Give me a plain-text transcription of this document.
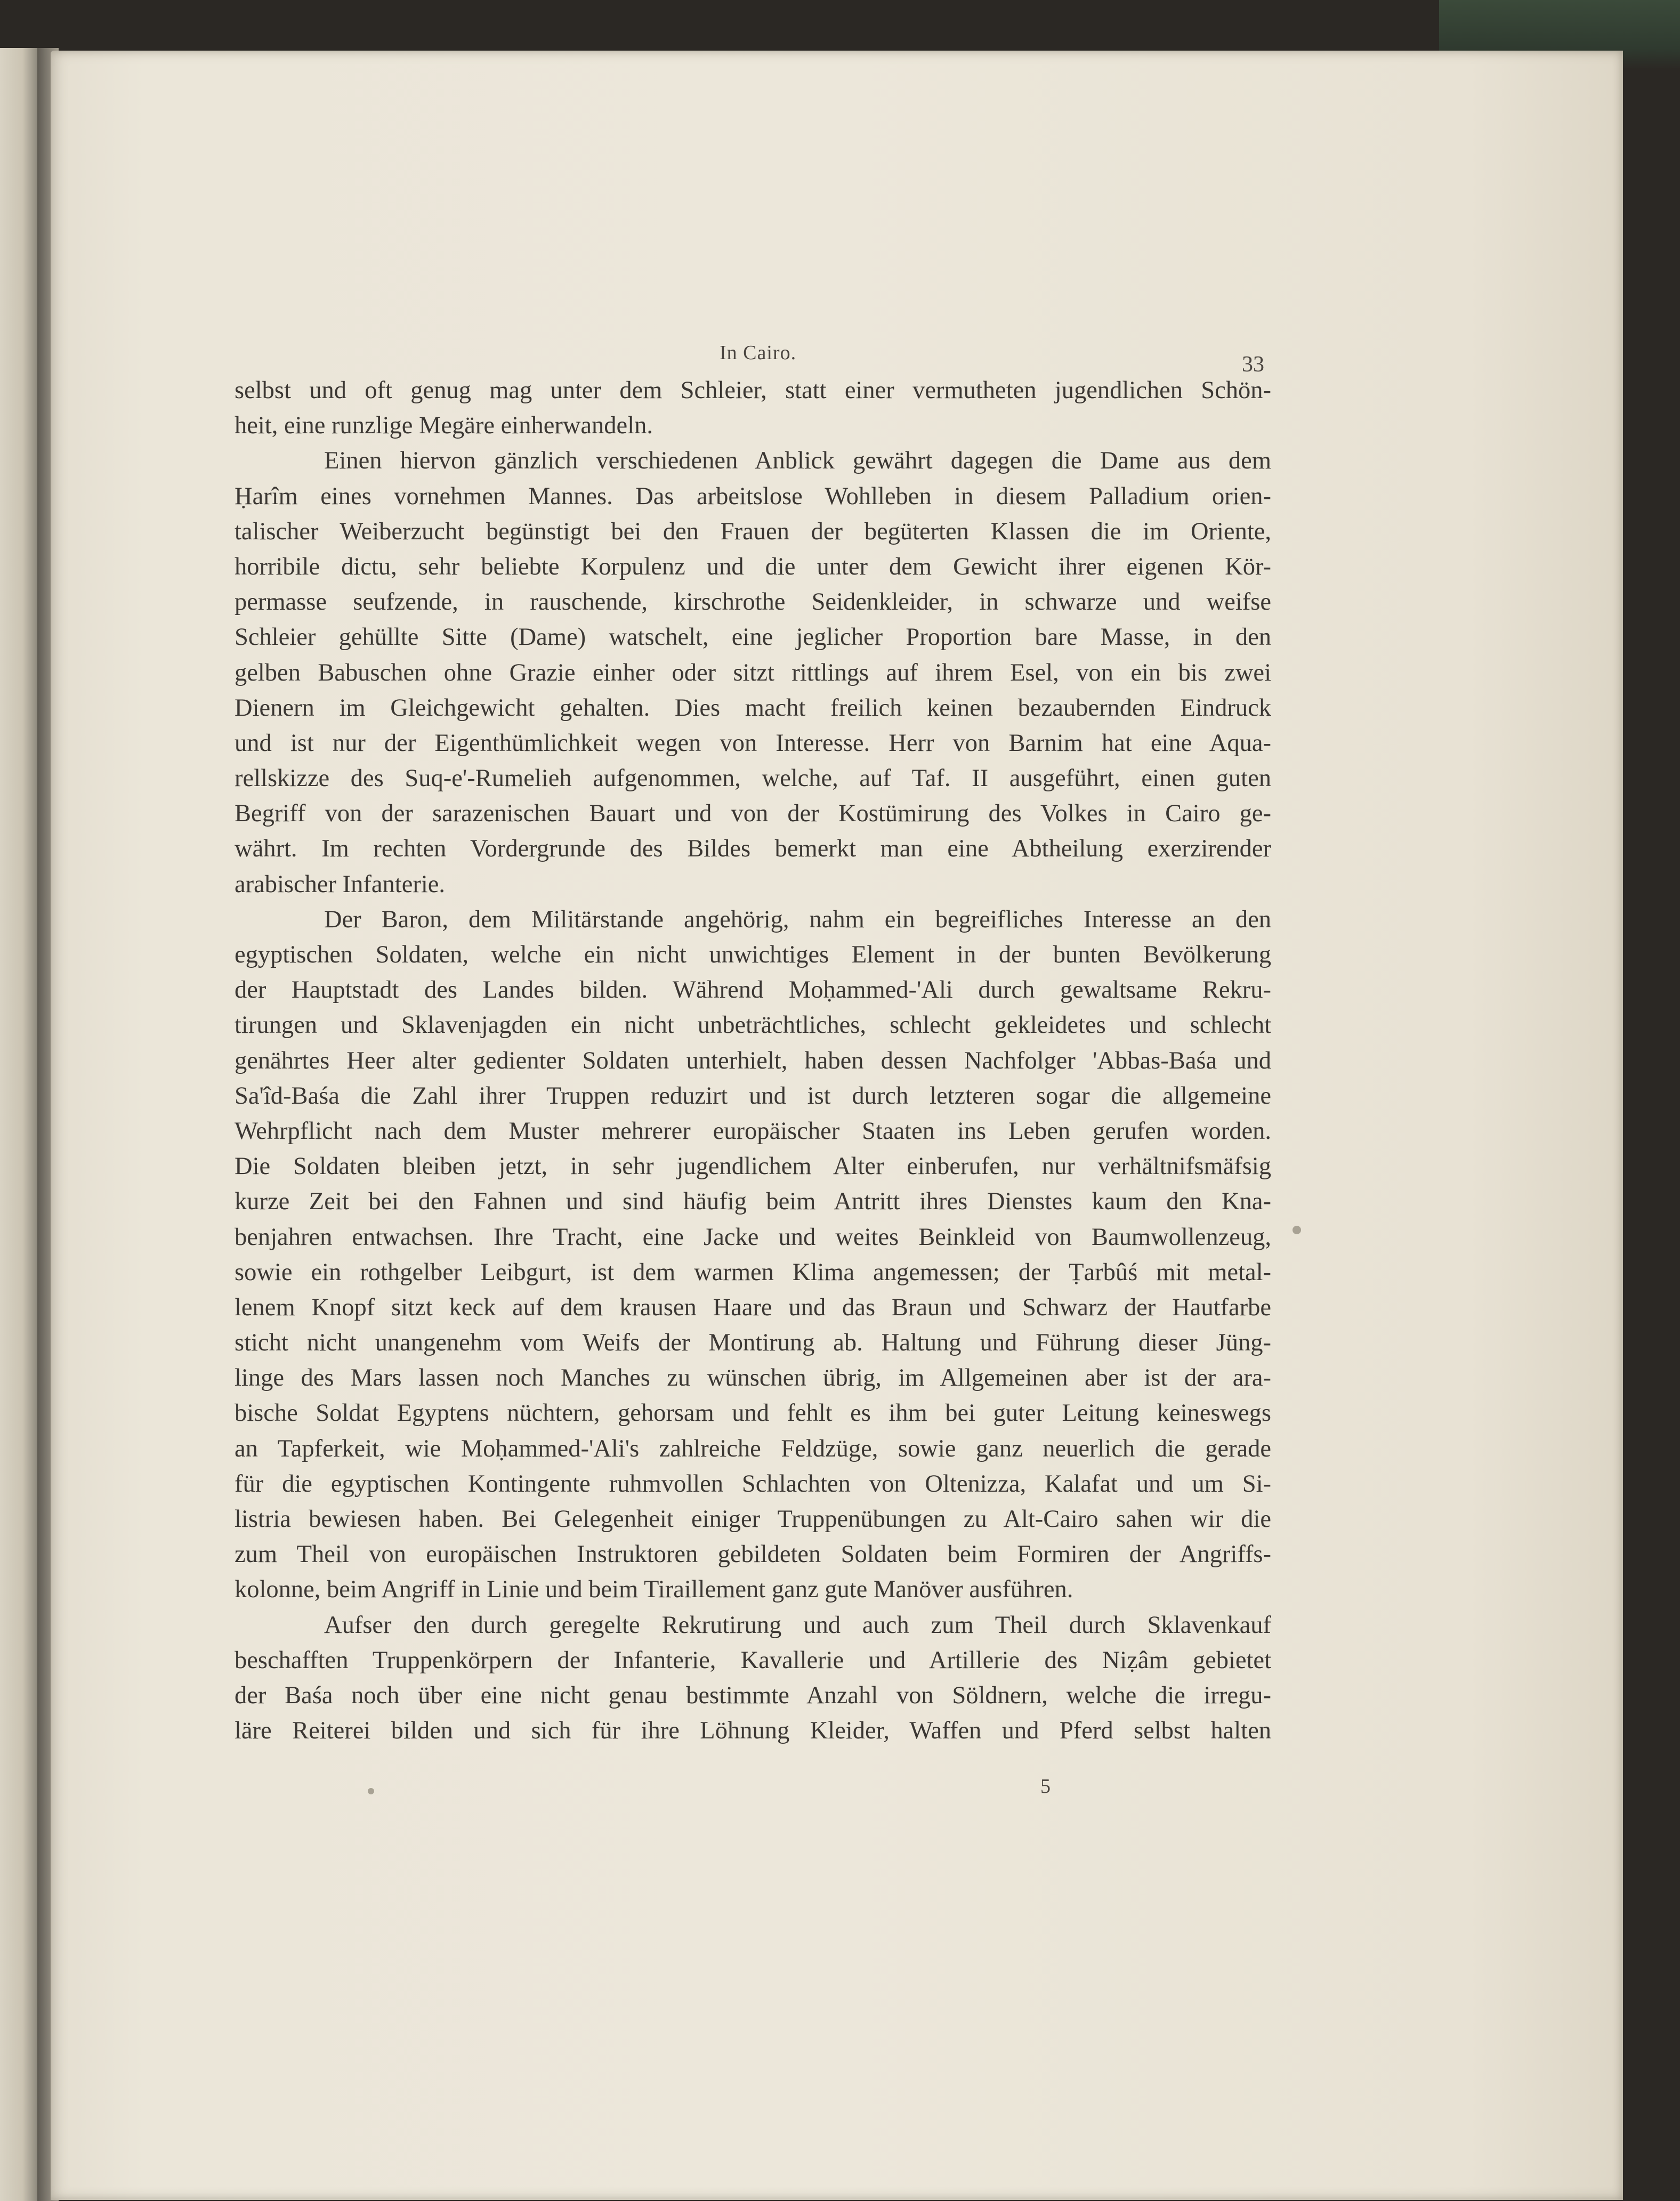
In Cairo.	33
selbst und oft genug mag unter dem Schleier, statt einer vermutheten jugendlichen Schön-
heit, eine runzlige Megäre einherwandeln.
Einen hiervon gänzlich verschiedenen Anblick gewährt dagegen die Dame aus dem
Ḥarîm eines vornehmen Mannes. Das arbeitslose Wohlleben in diesem Palladium orien-
talischer Weiberzucht begünstigt bei den Frauen der begüterten Klassen die im Oriente,
horribile dictu, sehr beliebte Korpulenz und die unter dem Gewicht ihrer eigenen Kör-
permasse seufzende, in rauschende, kirschrothe Seidenkleider, in schwarze und weifse
Schleier gehüllte Sitte (Dame) watschelt, eine jeglicher Proportion bare Masse, in den
gelben Babuschen ohne Grazie einher oder sitzt rittlings auf ihrem Esel, von ein bis zwei
Dienern im Gleichgewicht gehalten. Dies macht freilich keinen bezaubernden Eindruck
und ist nur der Eigenthümlichkeit wegen von Interesse. Herr von Barnim hat eine Aqua-
rellskizze des Suq-e'-Rumelieh aufgenommen, welche, auf Taf. II ausgeführt, einen guten
Begriff von der sarazenischen Bauart und von der Kostümirung des Volkes in Cairo ge-
währt. Im rechten Vordergrunde des Bildes bemerkt man eine Abtheilung exerzirender
arabischer Infanterie.
Der Baron, dem Militärstande angehörig, nahm ein begreifliches Interesse an den
egyptischen Soldaten, welche ein nicht unwichtiges Element in der bunten Bevölkerung
der Hauptstadt des Landes bilden. Während Moḥammed-'Ali durch gewaltsame Rekru-
tirungen und Sklavenjagden ein nicht unbeträchtliches, schlecht gekleidetes und schlecht
genährtes Heer alter gedienter Soldaten unterhielt, haben dessen Nachfolger 'Abbas-Baśa und
Sa'îd-Baśa die Zahl ihrer Truppen reduzirt und ist durch letzteren sogar die allgemeine
Wehrpflicht nach dem Muster mehrerer europäischer Staaten ins Leben gerufen worden.
Die Soldaten bleiben jetzt, in sehr jugendlichem Alter einberufen, nur verhältnifsmäfsig
kurze Zeit bei den Fahnen und sind häufig beim Antritt ihres Dienstes kaum den Kna-
benjahren entwachsen. Ihre Tracht, eine Jacke und weites Beinkleid von Baumwollenzeug,
sowie ein rothgelber Leibgurt, ist dem warmen Klima angemessen; der Ṭarbûś mit metal-
lenem Knopf sitzt keck auf dem krausen Haare und das Braun und Schwarz der Hautfarbe
sticht nicht unangenehm vom Weifs der Montirung ab. Haltung und Führung dieser Jüng-
linge des Mars lassen noch Manches zu wünschen übrig, im Allgemeinen aber ist der ara-
bische Soldat Egyptens nüchtern, gehorsam und fehlt es ihm bei guter Leitung keineswegs
an Tapferkeit, wie Moḥammed-'Ali's zahlreiche Feldzüge, sowie ganz neuerlich die gerade
für die egyptischen Kontingente ruhmvollen Schlachten von Oltenizza, Kalafat und um Si-
listria bewiesen haben. Bei Gelegenheit einiger Truppenübungen zu Alt-Cairo sahen wir die
zum Theil von europäischen Instruktoren gebildeten Soldaten beim Formiren der Angriffs-
kolonne, beim Angriff in Linie und beim Tiraillement ganz gute Manöver ausführen.
Aufser den durch geregelte Rekrutirung und auch zum Theil durch Sklavenkauf
beschafften Truppenkörpern der Infanterie, Kavallerie und Artillerie des Niẓâm gebietet
der Baśa noch über eine nicht genau bestimmte Anzahl von Söldnern, welche die irregu-
läre Reiterei bilden und sich für ihre Löhnung Kleider, Waffen und Pferd selbst halten
5
